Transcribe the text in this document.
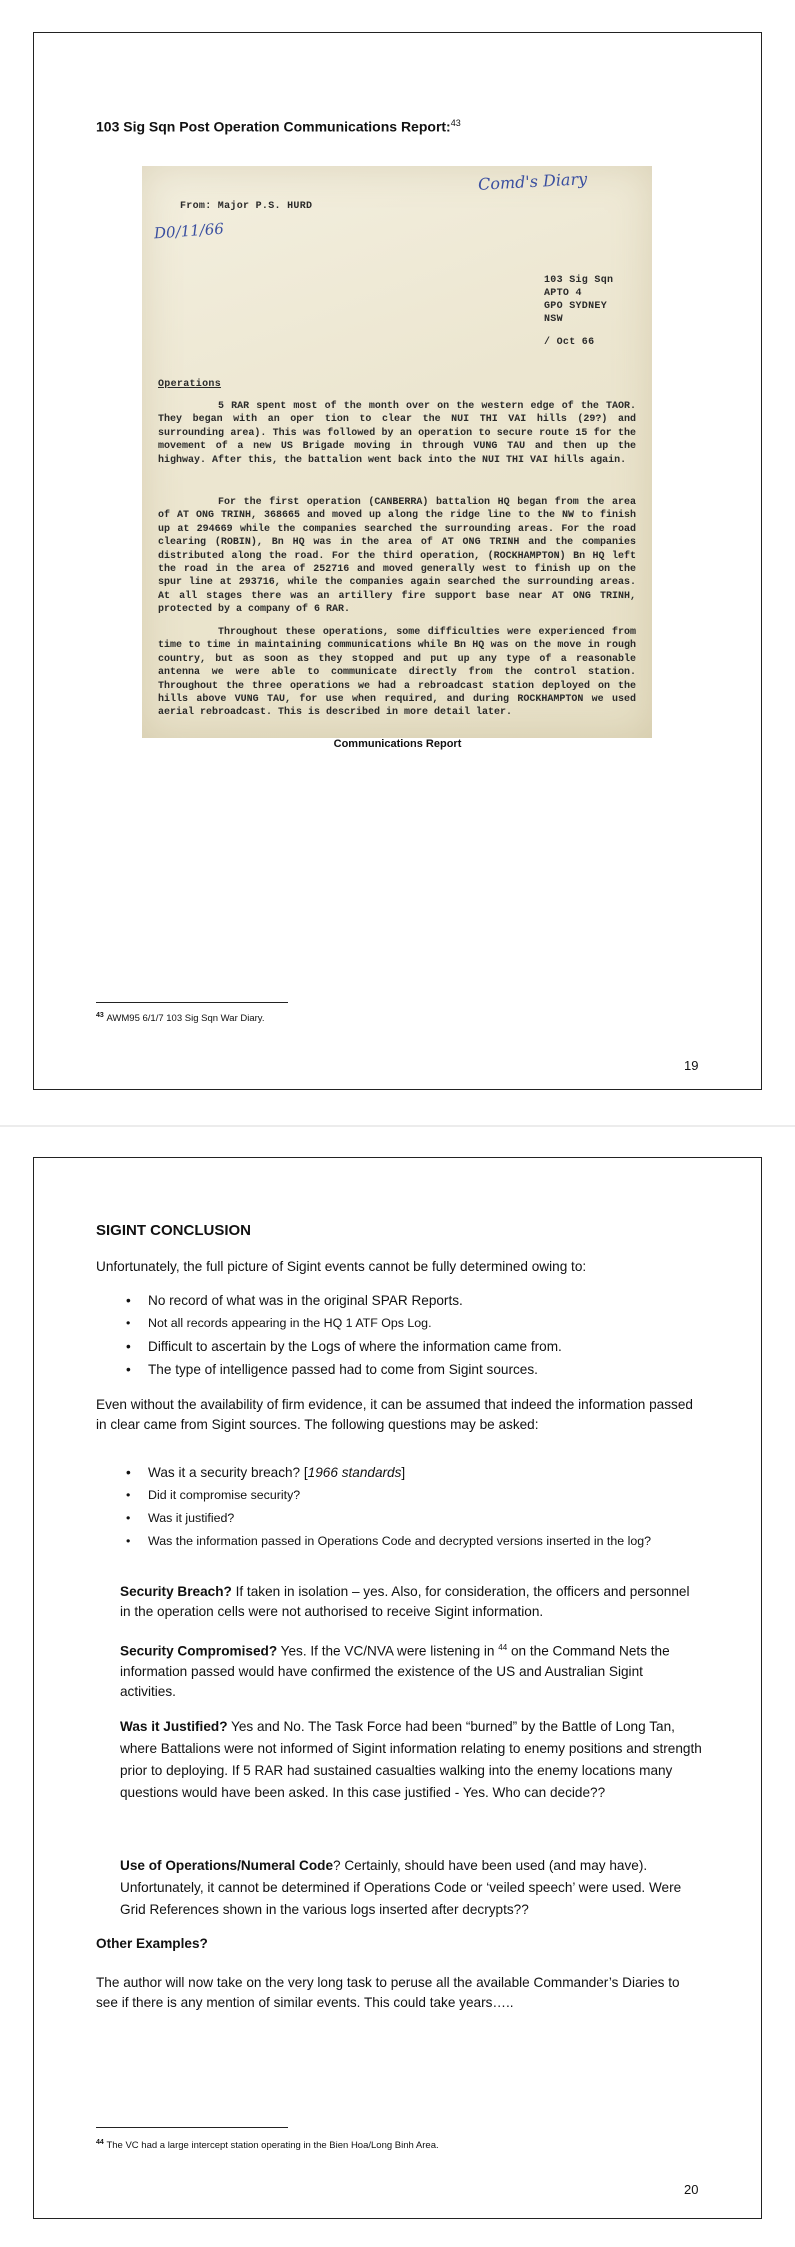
103 Sig Sqn Post Operation Communications Report:$^{43}$
From: Major P.S. HURD
D0/11/66
Comd's Diary
103 Sig Sqn
APTO 4
GPO SYDNEY
NSW
/ Oct 66
Operations
5 RAR spent most of the month over on the western edge of the TAOR. They began with an oper tion to clear the NUI THI VAI hills (29?) and surrounding area). This was followed by an operation to secure route 15 for the movement of a new US Brigade moving in through VUNG TAU and then up the highway. After this, the battalion went back into the NUI THI VAI hills again.
For the first operation (CANBERRA) battalion HQ began from the area of AT ONG TRINH, 368665 and moved up along the ridge line to the NW to finish up at 294669 while the companies searched the surrounding areas. For the road clearing (ROBIN), Bn HQ was in the area of AT ONG TRINH and the companies distributed along the road. For the third operation, (ROCKHAMPTON) Bn HQ left the road in the area of 252716 and moved generally west to finish up on the spur line at 293716, while the companies again searched the surrounding areas. At all stages there was an artillery fire support base near AT ONG TRINH, protected by a company of 6 RAR.
Throughout these operations, some difficulties were experienced from time to time in maintaining communications while Bn HQ was on the move in rough country, but as soon as they stopped and put up any type of a reasonable antenna we were able to communicate directly from the control station. Throughout the three operations we had a rebroadcast station deployed on the hills above VUNG TAU, for use when required, and during ROCKHAMPTON we used aerial rebroadcast. This is described in more detail later.
Communications Report
$^{43}$ AWM95 6/1/7 103 Sig Sqn War Diary.
19
SIGINT CONCLUSION
Unfortunately, the full picture of Sigint events cannot be fully determined owing to:
• No record of what was in the original SPAR Reports.
• Not all records appearing in the HQ 1 ATF Ops Log.
• Difficult to ascertain by the Logs of where the information came from.
• The type of intelligence passed had to come from Sigint sources.
Even without the availability of firm evidence, it can be assumed that indeed the information passed in clear came from Sigint sources. The following questions may be asked:
• Was it a security breach? [1966 standards]
• Did it compromise security?
• Was it justified?
• Was the information passed in Operations Code and decrypted versions inserted in the log?
Security Breach? If taken in isolation – yes. Also, for consideration, the officers and personnel in the operation cells were not authorised to receive Sigint information.
Security Compromised? Yes. If the VC/NVA were listening in $^{44}$ on the Command Nets the information passed would have confirmed the existence of the US and Australian Sigint activities.
Was it Justified? Yes and No. The Task Force had been “burned” by the Battle of Long Tan, where Battalions were not informed of Sigint information relating to enemy positions and strength prior to deploying. If 5 RAR had sustained casualties walking into the enemy locations many questions would have been asked. In this case justified - Yes. Who can decide??
Use of Operations/Numeral Code? Certainly, should have been used (and may have). Unfortunately, it cannot be determined if Operations Code or ‘veiled speech’ were used. Were Grid References shown in the various logs inserted after decrypts??
Other Examples?
The author will now take on the very long task to peruse all the available Commander’s Diaries to see if there is any mention of similar events. This could take years…..
$^{44}$ The VC had a large intercept station operating in the Bien Hoa/Long Binh Area.
20
